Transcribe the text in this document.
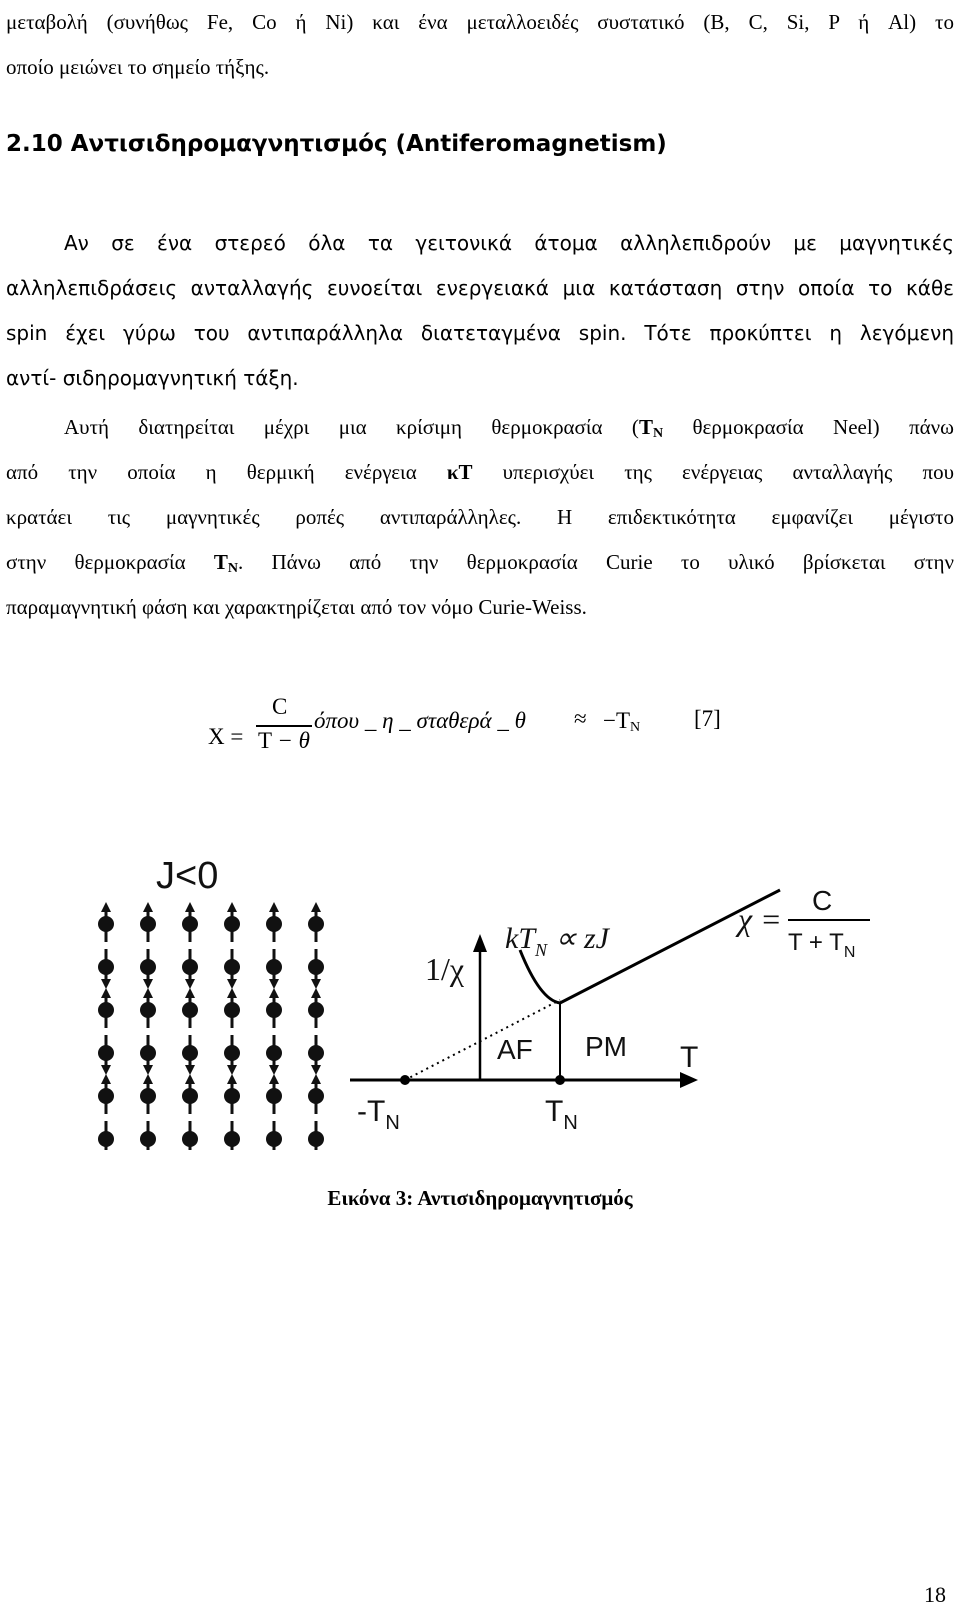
μεταβολή (συνήθως Fe, Co ή Ni) και ένα μεταλλοειδές συστατικό (B, C, Si, P ή Al) το

οποίο μειώνει το σημείο τήξης.

2.10 Αντισιδηρομαγνητισμός (Antiferomagnetism)

Αν σε ένα στερεό όλα τα γειτονικά άτομα αλληλεπιδρούν με μαγνητικές

αλληλεπιδράσεις ανταλλαγής ευνοείται ενεργειακά μια κατάσταση στην οποία το κάθε

spin έχει γύρω του αντιπαράλληλα διατεταγμένα spin. Τότε προκύπτει η λεγόμενη

αντί- σιδηρομαγνητική τάξη.

Αυτή διατηρείται μέχρι μια κρίσιμη θερμοκρασία ($T_N$ θερμοκρασία Neel) πάνω

από την οποία η θερμική ενέργεια κT υπερισχύει της ενέργειας ανταλλαγής που

κρατάει τις μαγνητικές ροπές αντιπαράλληλες. Η επιδεκτικότητα εμφανίζει μέγιστο

στην θερμοκρασία $T_N$. Πάνω από την θερμοκρασία Curie το υλικό βρίσκεται στην

παραμαγνητική φάση και χαρακτηρίζεται από τον νόμο Curie-Weiss.

X =
C
T − θ
όπου _ η _ σταθερά _ $\theta \approx -T_N$ [7]
J<0
1/χ
T
AF PM
$-T_N$	$T_N$
$kT_N$ ∝ zJ
χ =
C
$T + T_N$
Εικόνα 3: Αντισιδηρομαγνητισμός
18
